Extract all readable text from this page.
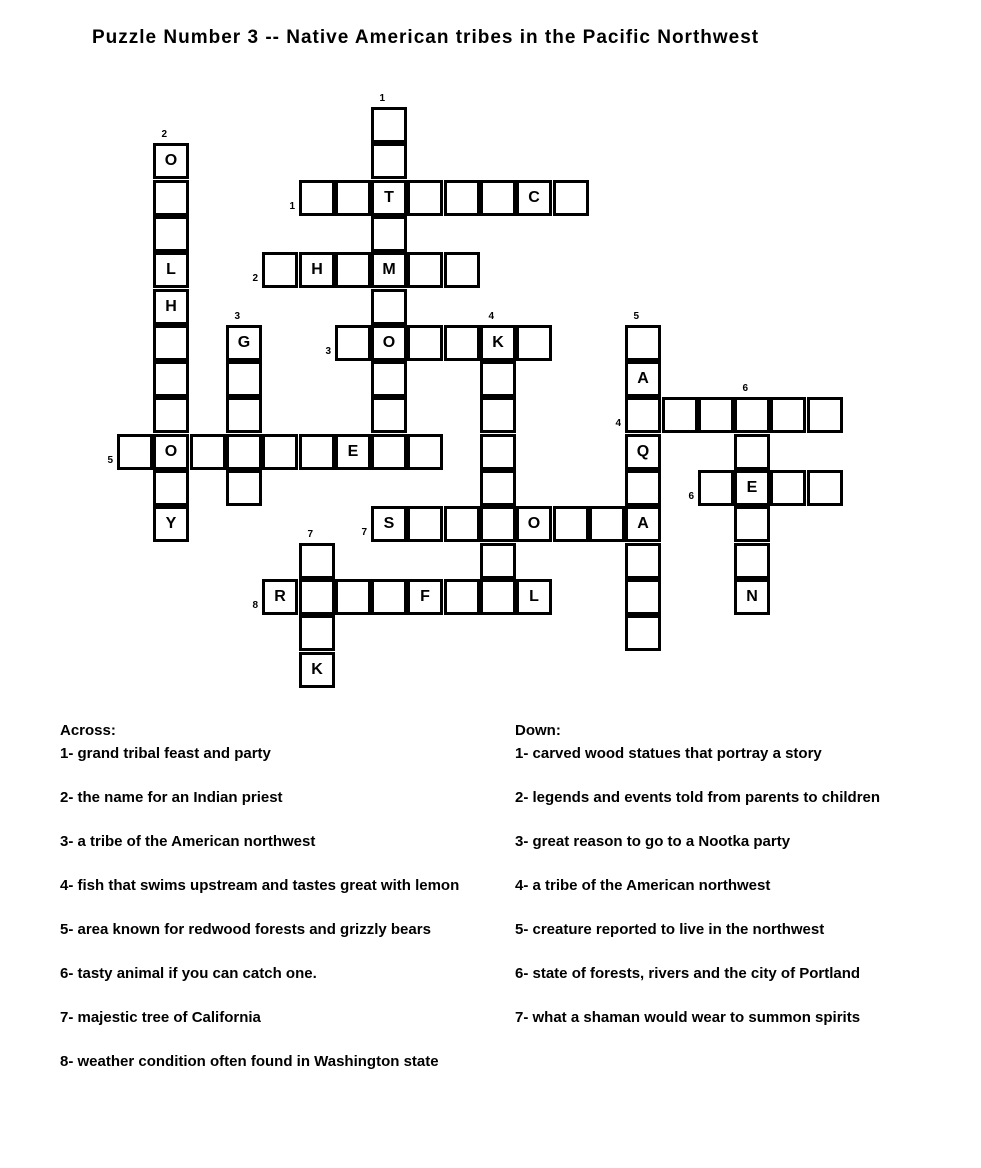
Puzzle Number 3 -- Native American tribes in the Pacific Northwest
T
M
O
O
L
H
O
Y
G	K
A
Q
A
E
N
K
C
H
E
S	O
R	F	L
1
2
3	4	5
6
7
1
2
3
4
5
6
7
8
Across:
1- grand tribal feast and party
2- the name for an Indian priest
3- a tribe of the American northwest
4- fish that swims upstream and tastes great with lemon
5- area known for redwood forests and grizzly bears
6- tasty animal if you can catch one.
7- majestic tree of California
8- weather condition often found in Washington state
Down:
1- carved wood statues that portray a story
2- legends and events told from parents to children
3- great reason to go to a Nootka party
4- a tribe of the American northwest
5- creature reported to live in the northwest
6- state of forests, rivers and the city of Portland
7- what a shaman would wear to summon spirits
